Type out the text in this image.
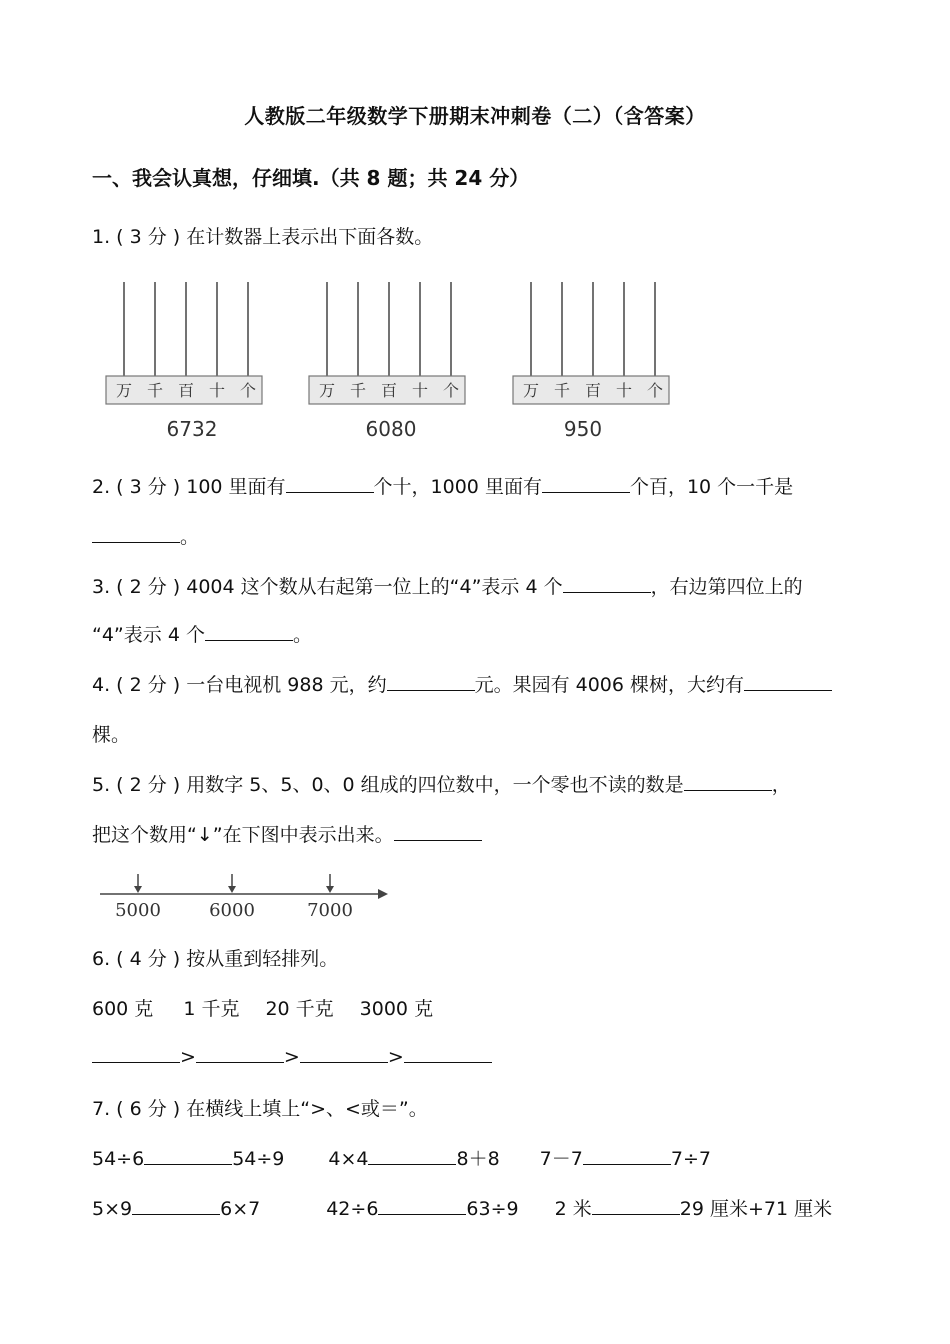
人教版二年级数学下册期末冲刺卷（二）（含答案）
一、我会认真想，仔细填.（共 8 题；共 24 分）
1. ( 3 分 ) 在计数器上表示出下面各数。
万 千 百 十 个
6732
万 千 百 十 个
6080
万 千 百 十 个
950
2. ( 3 分 ) 100 里面有	个十，1000 里面有	个百，10 个一千是
。
3. ( 2 分 ) 4004 这个数从右起第一位上的“4”表示 4 个	，右边第四位上的
“4”表示 4 个	。
4. ( 2 分 ) 一台电视机 988 元，约	元。果园有 4006 棵树，大约有
棵。
5. ( 2 分 ) 用数字 5、5、0、0 组成的四位数中，一个零也不读的数是	，
把这个数用“↓”在下图中表示出来。
5000	6000	7000
6. ( 4 分 ) 按从重到轻排列。
600 克 1 千克 20 千克 3000 克
>	>	>
7. ( 6 分 ) 在横线上填上“>、<或＝”。
54÷6	54÷9 4×4	8＋8 7－7	7÷7
5×9	6×7	42÷6	63÷9 2 米	29 厘米+71 厘米
